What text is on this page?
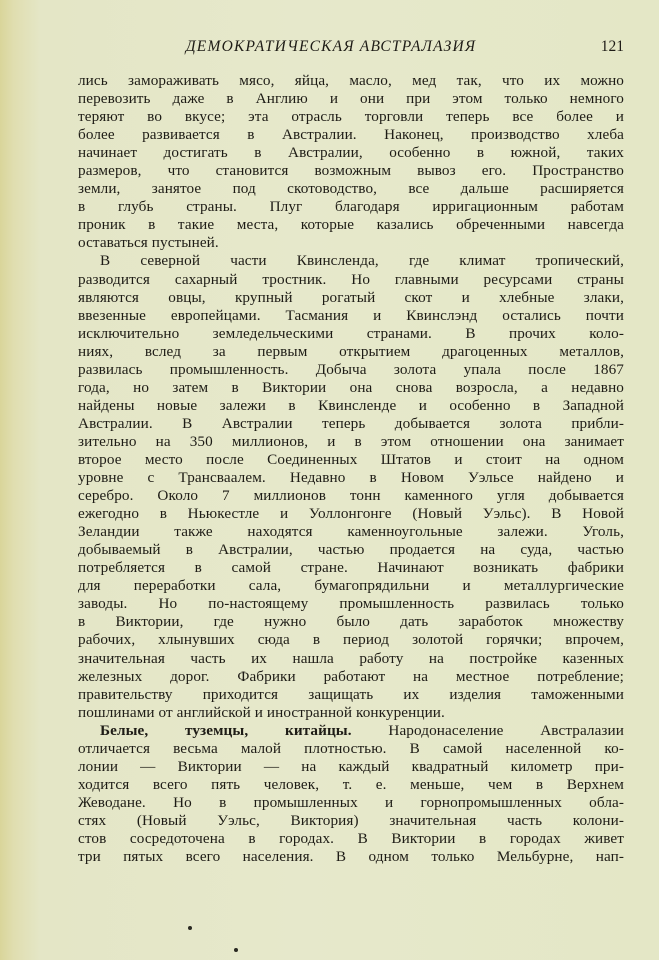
ДЕМОКРАТИЧЕСКАЯ АВСТРАЛАЗИЯ	121
лись замораживать мясо, яйца, масло, мед так, что их можно
перевозить даже в Англию и они при этом только немного
теряют во вкусе; эта отрасль торговли теперь все более и
более развивается в Австралии. Наконец, производство хлеба
начинает достигать в Австралии, особенно в южной, таких
размеров, что становится возможным вывоз его. Пространство
земли, занятое под скотоводство, все дальше расширяется
в глубь страны. Плуг благодаря ирригационным работам
проник в такие места, которые казались обреченными навсегда
оставаться пустыней.
В северной части Квинсленда, где климат тропический,
разводится сахарный тростник. Но главными ресурсами страны
являются овцы, крупный рогатый скот и хлебные злаки,
ввезенные европейцами. Тасмания и Квинслэнд остались почти
исключительно земледельческими странами. В прочих коло-
ниях, вслед за первым открытием драгоценных металлов,
развилась промышленность. Добыча золота упала после 1867
года, но затем в Виктории она снова возросла, а недавно
найдены новые залежи в Квинсленде и особенно в Западной
Австралии. В Австралии теперь добывается золота прибли-
зительно на 350 миллионов, и в этом отношении она занимает
второе место после Соединенных Штатов и стоит на одном
уровне с Трансваалем. Недавно в Новом Уэльсе найдено и
серебро. Около 7 миллионов тонн каменного угля добывается
ежегодно в Ньюкестле и Уоллонгонге (Новый Уэльс). В Новой
Зеландии также находятся каменноугольные залежи. Уголь,
добываемый в Австралии, частью продается на суда, частью
потребляется в самой стране. Начинают возникать фабрики
для переработки сала, бумагопрядильни и металлургические
заводы. Но по-настоящему промышленность развилась только
в Виктории, где нужно было дать заработок множеству
рабочих, хлынувших сюда в период золотой горячки; впрочем,
значительная часть их нашла работу на постройке казенных
железных дорог. Фабрики работают на местное потребление;
правительству приходится защищать их изделия таможенными
пошлинами от английской и иностранной конкуренции.
Белые, туземцы, китайцы. Народонаселение Австралазии
отличается весьма малой плотностью. В самой населенной ко-
лонии — Виктории — на каждый квадратный километр при-
ходится всего пять человек, т. е. меньше, чем в Верхнем
Жеводане. Но в промышленных и горнопромышленных обла-
стях (Новый Уэльс, Виктория) значительная часть колони-
стов сосредоточена в городах. В Виктории в городах живет
три пятых всего населения. В одном только Мельбурне, нап-
